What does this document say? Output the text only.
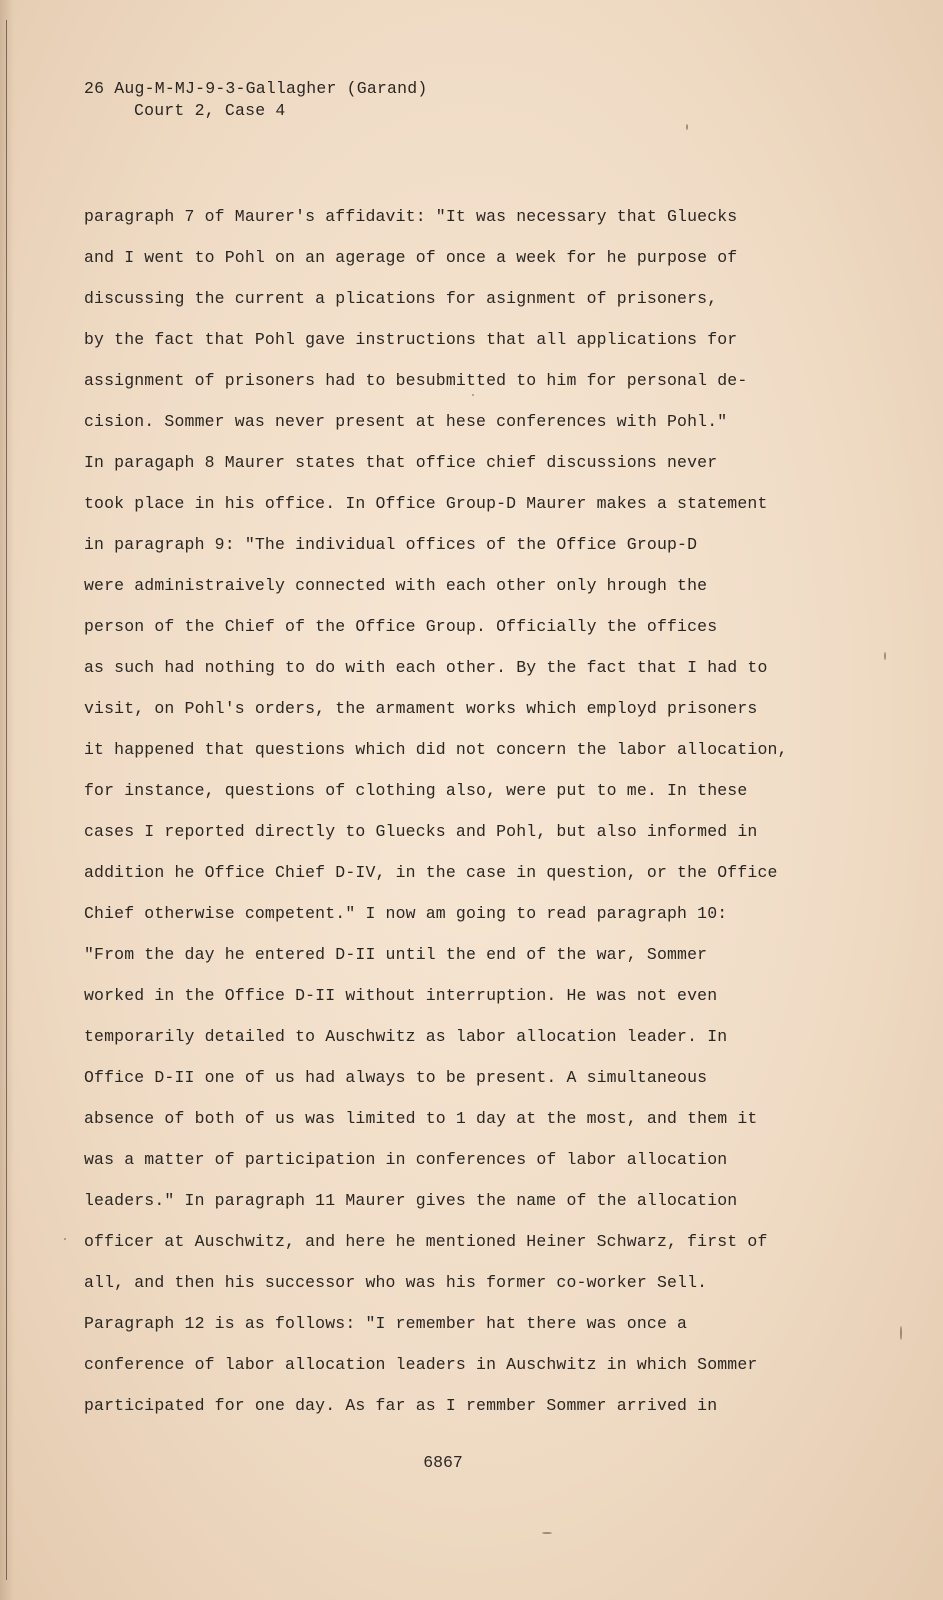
26 Aug-M-MJ-9-3-Gallagher (Garand)
Court 2, Case 4
paragraph 7 of Maurer's affidavit: "It was necessary that Gluecks
and I went to Pohl on an agerage of once a week for he purpose of
discussing the current a plications for asignment of prisoners,
by the fact that Pohl gave instructions that all applications for
assignment of prisoners had to besubmitted to him for personal de-
cision. Sommer was never present at hese conferences with Pohl."
In paragaph 8 Maurer states that office chief discussions never
took place in his office. In Office Group-D Maurer makes a statement
in paragraph 9: "The individual offices of the Office Group-D
were administraively connected with each other only hrough the
person of the Chief of the Office Group. Officially the offices
as such had nothing to do with each other. By the fact that I had to
visit, on Pohl's orders, the armament works which employd prisoners
it happened that questions which did not concern the labor allocation,
for instance, questions of clothing also, were put to me. In these
cases I reported directly to Gluecks and Pohl, but also informed in
addition he Office Chief D-IV, in the case in question, or the Office
Chief otherwise competent." I now am going to read paragraph 10:
"From the day he entered D-II until the end of the war, Sommer
worked in the Office D-II without interruption. He was not even
temporarily detailed to Auschwitz as labor allocation leader. In
Office D-II one of us had always to be present. A simultaneous
absence of both of us was limited to 1 day at the most, and them it
was a matter of participation in conferences of labor allocation
leaders." In paragraph 11 Maurer gives the name of the allocation
officer at Auschwitz, and here he mentioned Heiner Schwarz, first of
all, and then his successor who was his former co-worker Sell.
Paragraph 12 is as follows: "I remember hat there was once a
conference of labor allocation leaders in Auschwitz in which Sommer
participated for one day. As far as I remmber Sommer arrived in
6867
